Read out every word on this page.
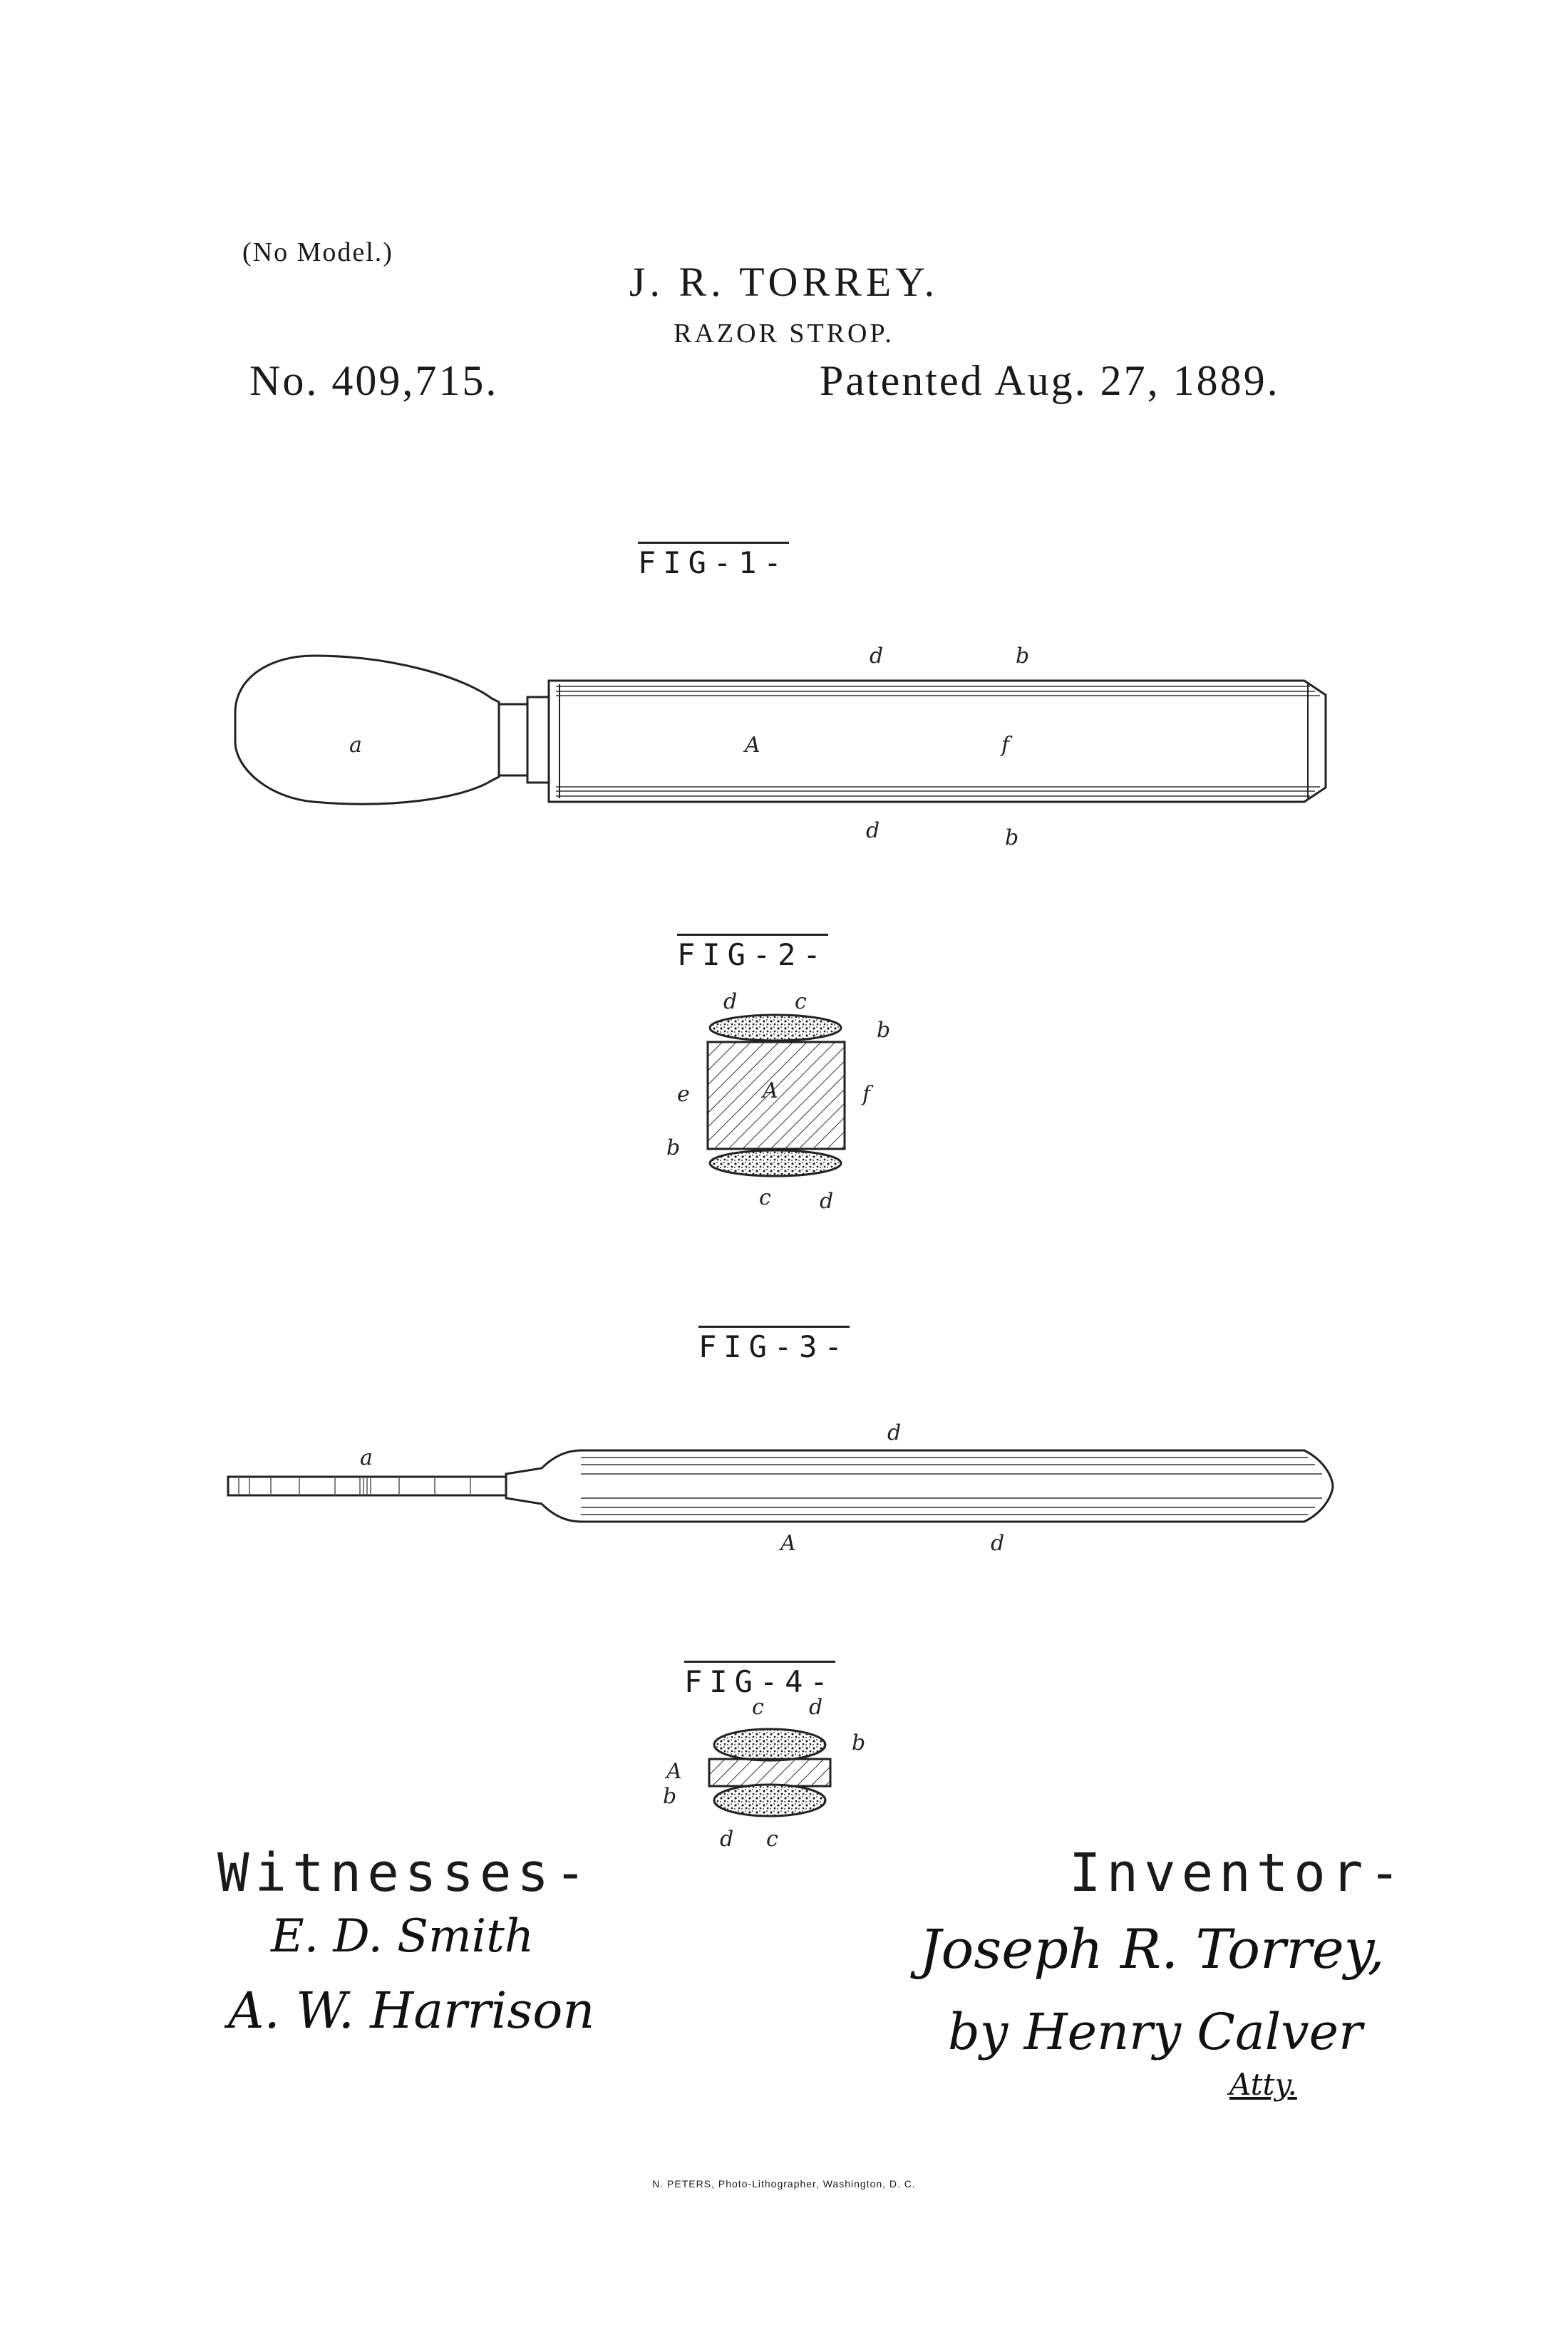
(No Model.)
J. R. TORREY.
RAZOR STROP.
No. 409,715.	Patented Aug. 27, 1889.
FIG-1-
FIG-2-
FIG-3-
FIG-4-
a	A
d	b
f
d	b
d	c
b
e	A	f
b
c d
a
d
A	d
c d
b
A
b
d c
Witnesses-
E. D. Smith
A. W. Harrison
Inventor-
Joseph R. Torrey,
by Henry Calver
Atty.
N. PETERS, Photo-Lithographer, Washington, D. C.
